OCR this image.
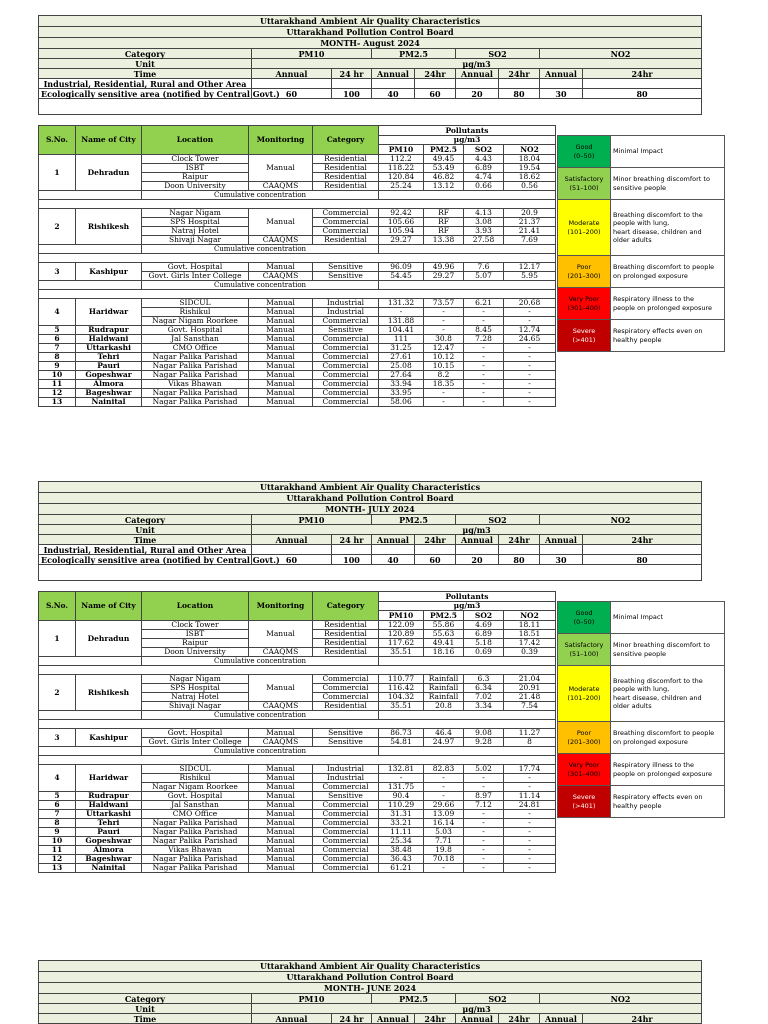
Uttarakhand Ambient Air Quality Characteristics								
Uttarakhand Pollution Control Board								
MONTH- August 2024								
Category	PM10		PM2.5		SO2		NO2	
Unit	µg/m3							
Time	Annual	24 hr	Annual	24hr	Annual	24hr	Annual	24hr
Industrial, Residential, Rural and Other Area								
Ecologically sensitive area (notified by Central Govt.)	60	100	40	60	20	80	30	80

S.No.	Name of City	Location	Monitoring	Category	Pollutants			
					µg/m3			
					PM10	PM2.5	SO2	NO2
1	Dehradun	Clock Tower	Manual	Residential	112.2	49.45	4.43	18.04
		ISBT		Residential	118.22	53.49	6.89	19.54
		Raipur		Residential	120.84	46.82	4.74	18.62
		Doon University	CAAQMS	Residential	25.24	13.12	0.66	0.56
		Cumulative concentration						

2	Rishikesh	Nagar Nigam	Manual	Commercial	92.42	RF	4.13	20.9
		SPS Hospital		Commercial	105.66	RF	3.08	21.37
		Natraj Hotel		Commercial	105.94	RF	3.93	21.41
		Shivaji Nagar	CAAQMS	Residential	29.27	13.38	27.58	7.69
		Cumulative concentration						

3	Kashipur	Govt. Hospital	Manual	Sensitive	96.09	49.96	7.6	12.17
		Govt. Girls Inter College	CAAQMS	Sensitive	54.45	29.27	5.07	5.95
		Cumulative concentration						

4	Haridwar	SIDCUL	Manual	Industrial	131.32	73.57	6.21	20.68
		Rishikul	Manual	Industrial	-	-	-	-
		Nagar Nigam Roorkee	Manual	Commercial	131.88	-	-	-
5	Rudrapur	Govt. Hospital	Manual	Sensitive	104.41	-	8.45	12.74
6	Haldwani	Jal Sansthan	Manual	Commercial	111	30.8	7.28	24.65
7	Uttarkashi	CMO Office	Manual	Commercial	31.25	12.47	-	-
8	Tehri	Nagar Palika Parishad	Manual	Commercial	27.61	10.12	-	-
9	Pauri	Nagar Palika Parishad	Manual	Commercial	25.08	10.15	-	-
10	Gopeshwar	Nagar Palika Parishad	Manual	Commercial	27.64	8.2	-	-
11	Almora	Vikas Bhawan	Manual	Commercial	33.94	18.35	-	-
12	Bageshwar	Nagar Palika Parishad	Manual	Commercial	33.95	-	-	-
13	Nainital	Nagar Palika Parishad	Manual	Commercial	58.06	-	-	-
Good
(0–50)	Minimal Impact
Satisfactory
(51–100)	Minor breathing discomfort to
sensitive people
Moderate
(101–200)	Breathing discomfort to the
people with lung,
heart disease, children and
older adults
Poor
(201–300)	Breathing discomfort to people
on prolonged exposure
Very Poor
(301–400)	Respiratory illness to the
people on prolonged exposure
Severe
(>401)	Respiratory effects even on
healthy people
Uttarakhand Ambient Air Quality Characteristics								
Uttarakhand Pollution Control Board								
MONTH- JULY 2024								
Category	PM10		PM2.5		SO2		NO2	
Unit	µg/m3							
Time	Annual	24 hr	Annual	24hr	Annual	24hr	Annual	24hr
Industrial, Residential, Rural and Other Area								
Ecologically sensitive area (notified by Central Govt.)	60	100	40	60	20	80	30	80

S.No.	Name of City	Location	Monitoring	Category	Pollutants			
					µg/m3			
					PM10	PM2.5	SO2	NO2
1	Dehradun	Clock Tower	Manual	Residential	122.09	55.86	4.69	18.11
		ISBT		Residential	120.89	55.63	6.89	18.51
		Raipur		Residential	117.62	49.41	5.18	17.42
		Doon University	CAAQMS	Residential	35.51	18.16	0.69	0.39
		Cumulative concentration						

2	Rishikesh	Nagar Nigam	Manual	Commercial	110.77	Rainfall	6.3	21.04
		SPS Hospital		Commercial	116.42	Rainfall	6.34	20.91
		Natraj Hotel		Commercial	104.32	Rainfall	7.02	21.48
		Shivaji Nagar	CAAQMS	Residential	35.51	20.8	3.34	7.54
		Cumulative concentration						

3	Kashipur	Govt. Hospital	Manual	Sensitive	86.73	46.4	9.08	11.27
		Govt. Girls Inter College	CAAQMS	Sensitive	54.81	24.97	9.28	8
		Cumulative concentration						

4	Haridwar	SIDCUL	Manual	Industrial	132.81	82.83	5.02	17.74
		Rishikul	Manual	Industrial	-	-	-	-
		Nagar Nigam Roorkee	Manual	Commercial	131.75	-	-	-
5	Rudrapur	Govt. Hospital	Manual	Sensitive	90.4	-	8.97	11.14
6	Haldwani	Jal Sansthan	Manual	Commercial	110.29	29.66	7.12	24.81
7	Uttarkashi	CMO Office	Manual	Commercial	31.31	13.09	-	-
8	Tehri	Nagar Palika Parishad	Manual	Commercial	33.21	16.14	-	-
9	Pauri	Nagar Palika Parishad	Manual	Commercial	11.11	5.03	-	-
10	Gopeshwar	Nagar Palika Parishad	Manual	Commercial	25.34	7.71	-	-
11	Almora	Vikas Bhawan	Manual	Commercial	38.48	19.8	-	-
12	Bageshwar	Nagar Palika Parishad	Manual	Commercial	36.43	70.18	-	-
13	Nainital	Nagar Palika Parishad	Manual	Commercial	61.21	-	-	-
Good
(0–50)	Minimal Impact
Satisfactory
(51–100)	Minor breathing discomfort to
sensitive people
Moderate
(101–200)	Breathing discomfort to the
people with lung,
heart disease, children and
older adults
Poor
(201–300)	Breathing discomfort to people
on prolonged exposure
Very Poor
(301–400)	Respiratory illness to the
people on prolonged exposure
Severe
(>401)	Respiratory effects even on
healthy people
Uttarakhand Ambient Air Quality Characteristics								
Uttarakhand Pollution Control Board								
MONTH- JUNE 2024								
Category	PM10		PM2.5		SO2		NO2	
Unit	µg/m3							
Time	Annual	24 hr	Annual	24hr	Annual	24hr	Annual	24hr
